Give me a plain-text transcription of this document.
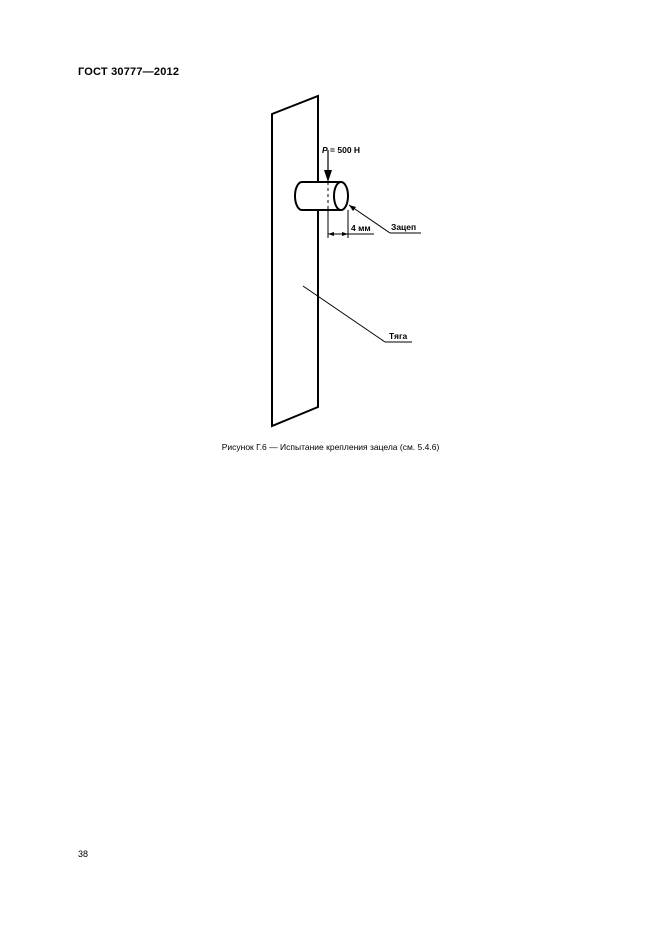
ГОСТ 30777—2012
P = 500 Н
4 мм Зацеп
Тяга
Рисунок Г.6 — Испытание крепления зацела (см. 5.4.6)
38
